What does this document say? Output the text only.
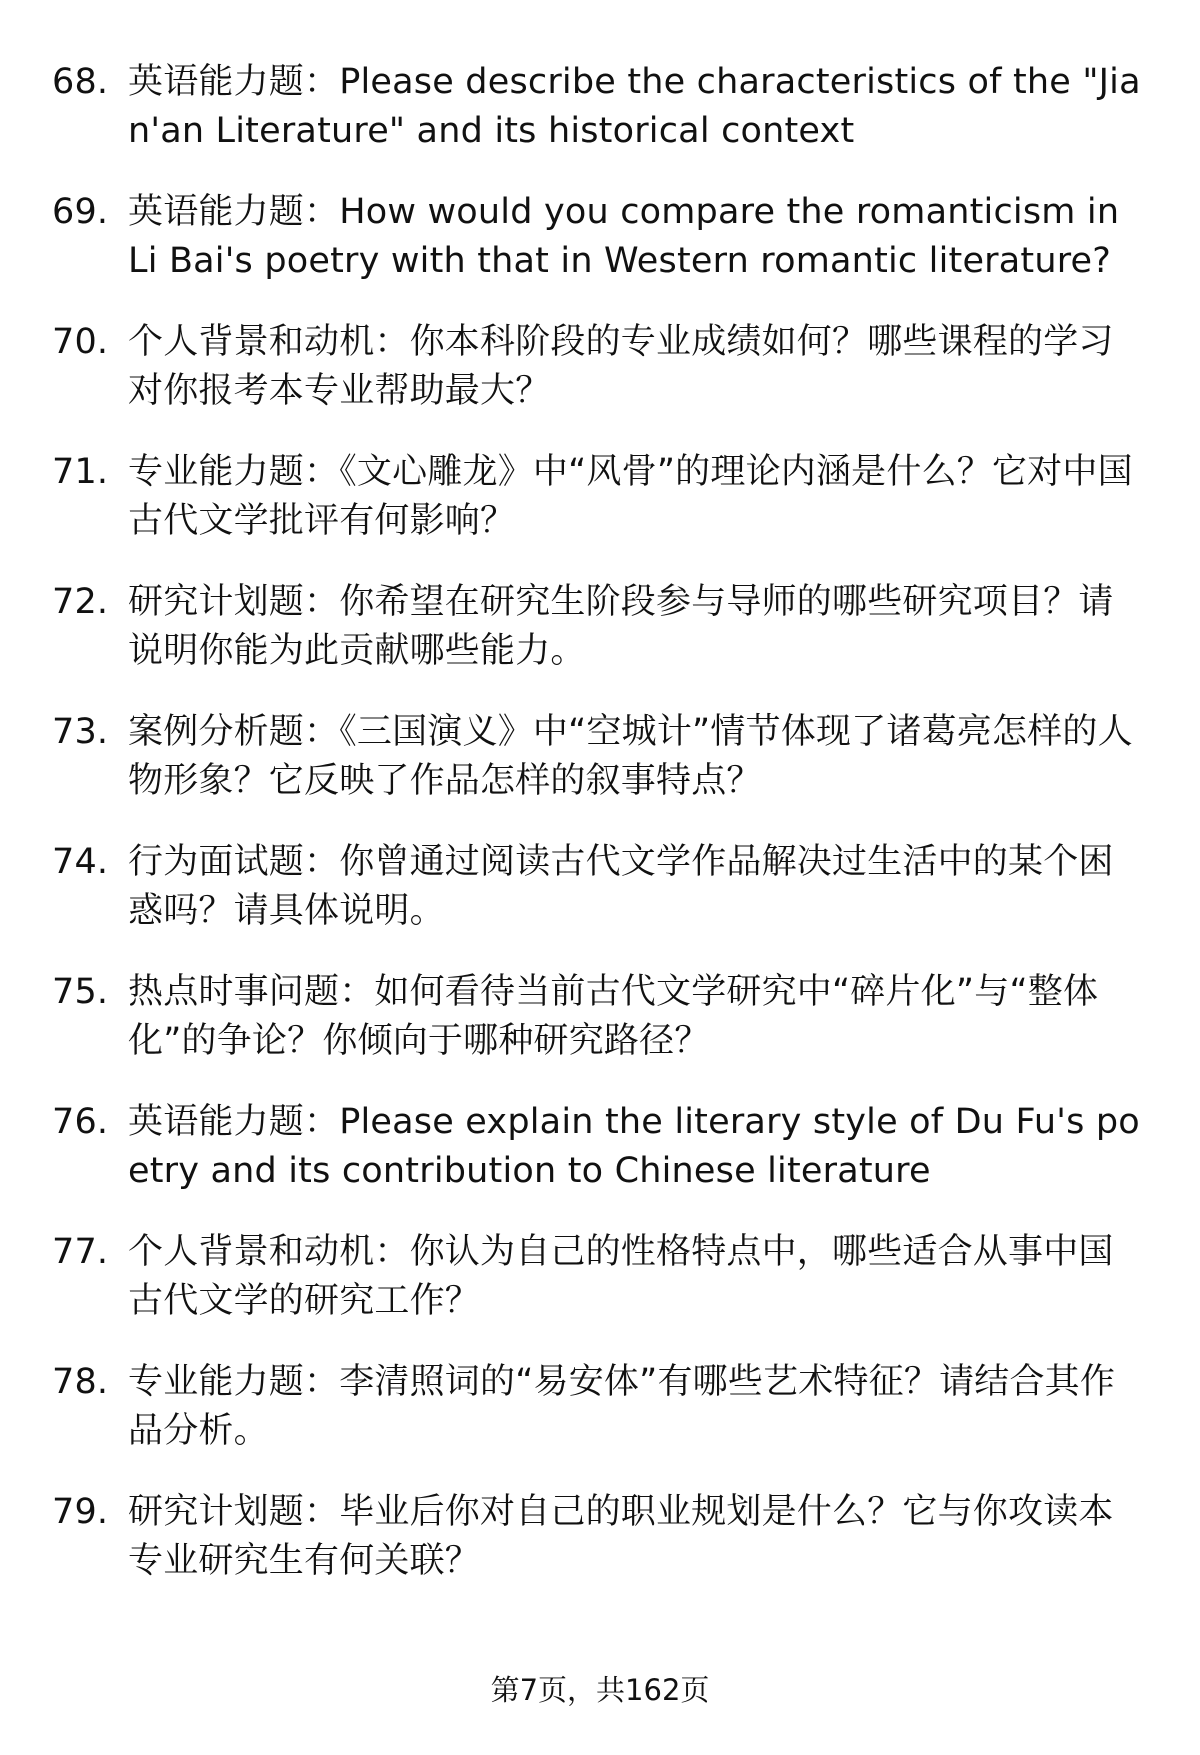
68. 英语能力题：Please describe the characteristics of the "Jian'an Literature" and its historical context
69. 英语能力题：How would you compare the romanticism in Li Bai's poetry with that in Western romantic literature?
70. 个人背景和动机：你本科阶段的专业成绩如何？哪些课程的学习对你报考本专业帮助最大？
71. 专业能力题：《文心雕龙》中“风骨”的理论内涵是什么？它对中国古代文学批评有何影响？
72. 研究计划题：你希望在研究生阶段参与导师的哪些研究项目？请说明你能为此贡献哪些能力。
73. 案例分析题：《三国演义》中“空城计”情节体现了诸葛亮怎样的人物形象？它反映了作品怎样的叙事特点？
74. 行为面试题：你曾通过阅读古代文学作品解决过生活中的某个困惑吗？请具体说明。
75. 热点时事问题：如何看待当前古代文学研究中“碎片化”与“整体化”的争论？你倾向于哪种研究路径？
76. 英语能力题：Please explain the literary style of Du Fu's poetry and its contribution to Chinese literature
77. 个人背景和动机：你认为自己的性格特点中，哪些适合从事中国古代文学的研究工作？
78. 专业能力题：李清照词的“易安体”有哪些艺术特征？请结合其作品分析。
79. 研究计划题：毕业后你对自己的职业规划是什么？它与你攻读本专业研究生有何关联？
第7页，共162页
